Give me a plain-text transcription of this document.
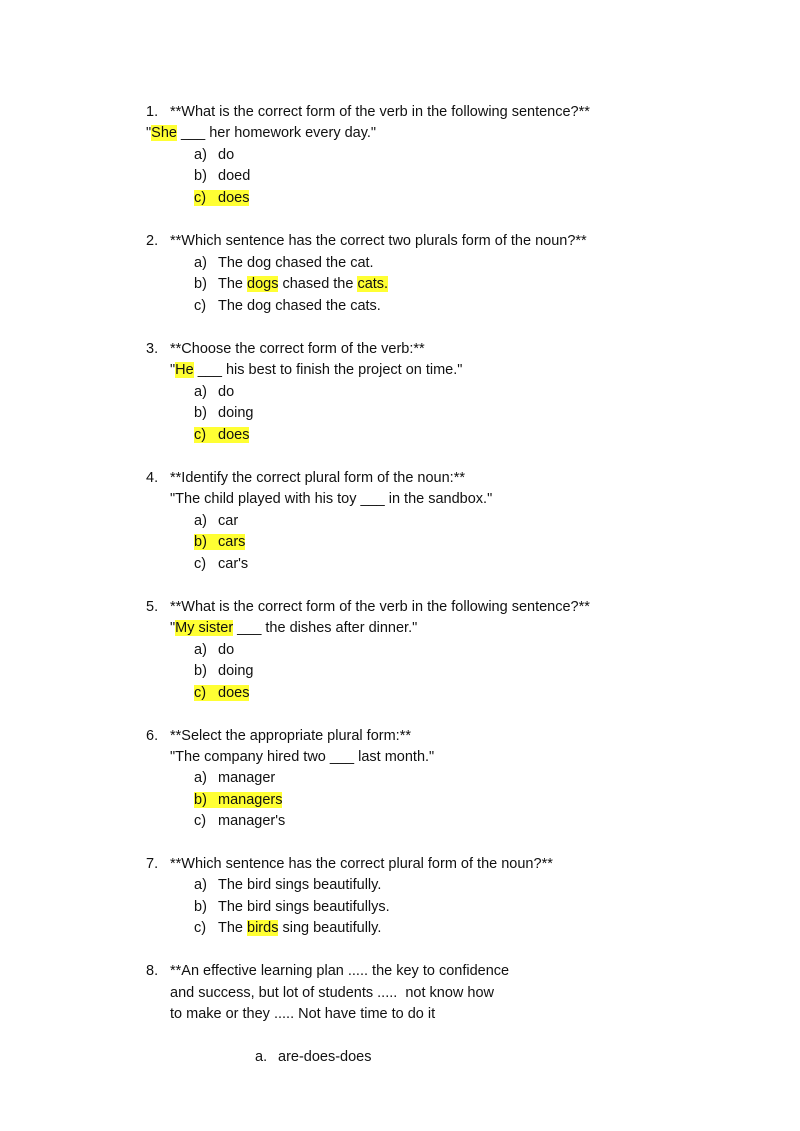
1. **What is the correct form of the verb in the following sentence?**
"She ___ her homework every day."
a) do
b) doed
c) does
2. **Which sentence has the correct two plurals form of the noun?**
a) The dog chased the cat.
b) The dogs chased the cats.
c) The dog chased the cats.
3. **Choose the correct form of the verb:**
"He ___ his best to finish the project on time."
a) do
b) doing
c) does
4. **Identify the correct plural form of the noun:**
"The child played with his toy ___ in the sandbox."
a) car
b) cars
c) car's
5. **What is the correct form of the verb in the following sentence?**
"My sister ___ the dishes after dinner."
a) do
b) doing
c) does
6. **Select the appropriate plural form:**
"The company hired two ___ last month."
a) manager
b) managers
c) manager's
7. **Which sentence has the correct plural form of the noun?**
a) The bird sings beautifully.
b) The bird sings beautifullys.
c) The birds sing beautifully.
8. **An effective learning plan ..... the key to confidence
and success, but lot of students .....  not know how
to make or they ..... Not have time to do it
a. are-does-does
